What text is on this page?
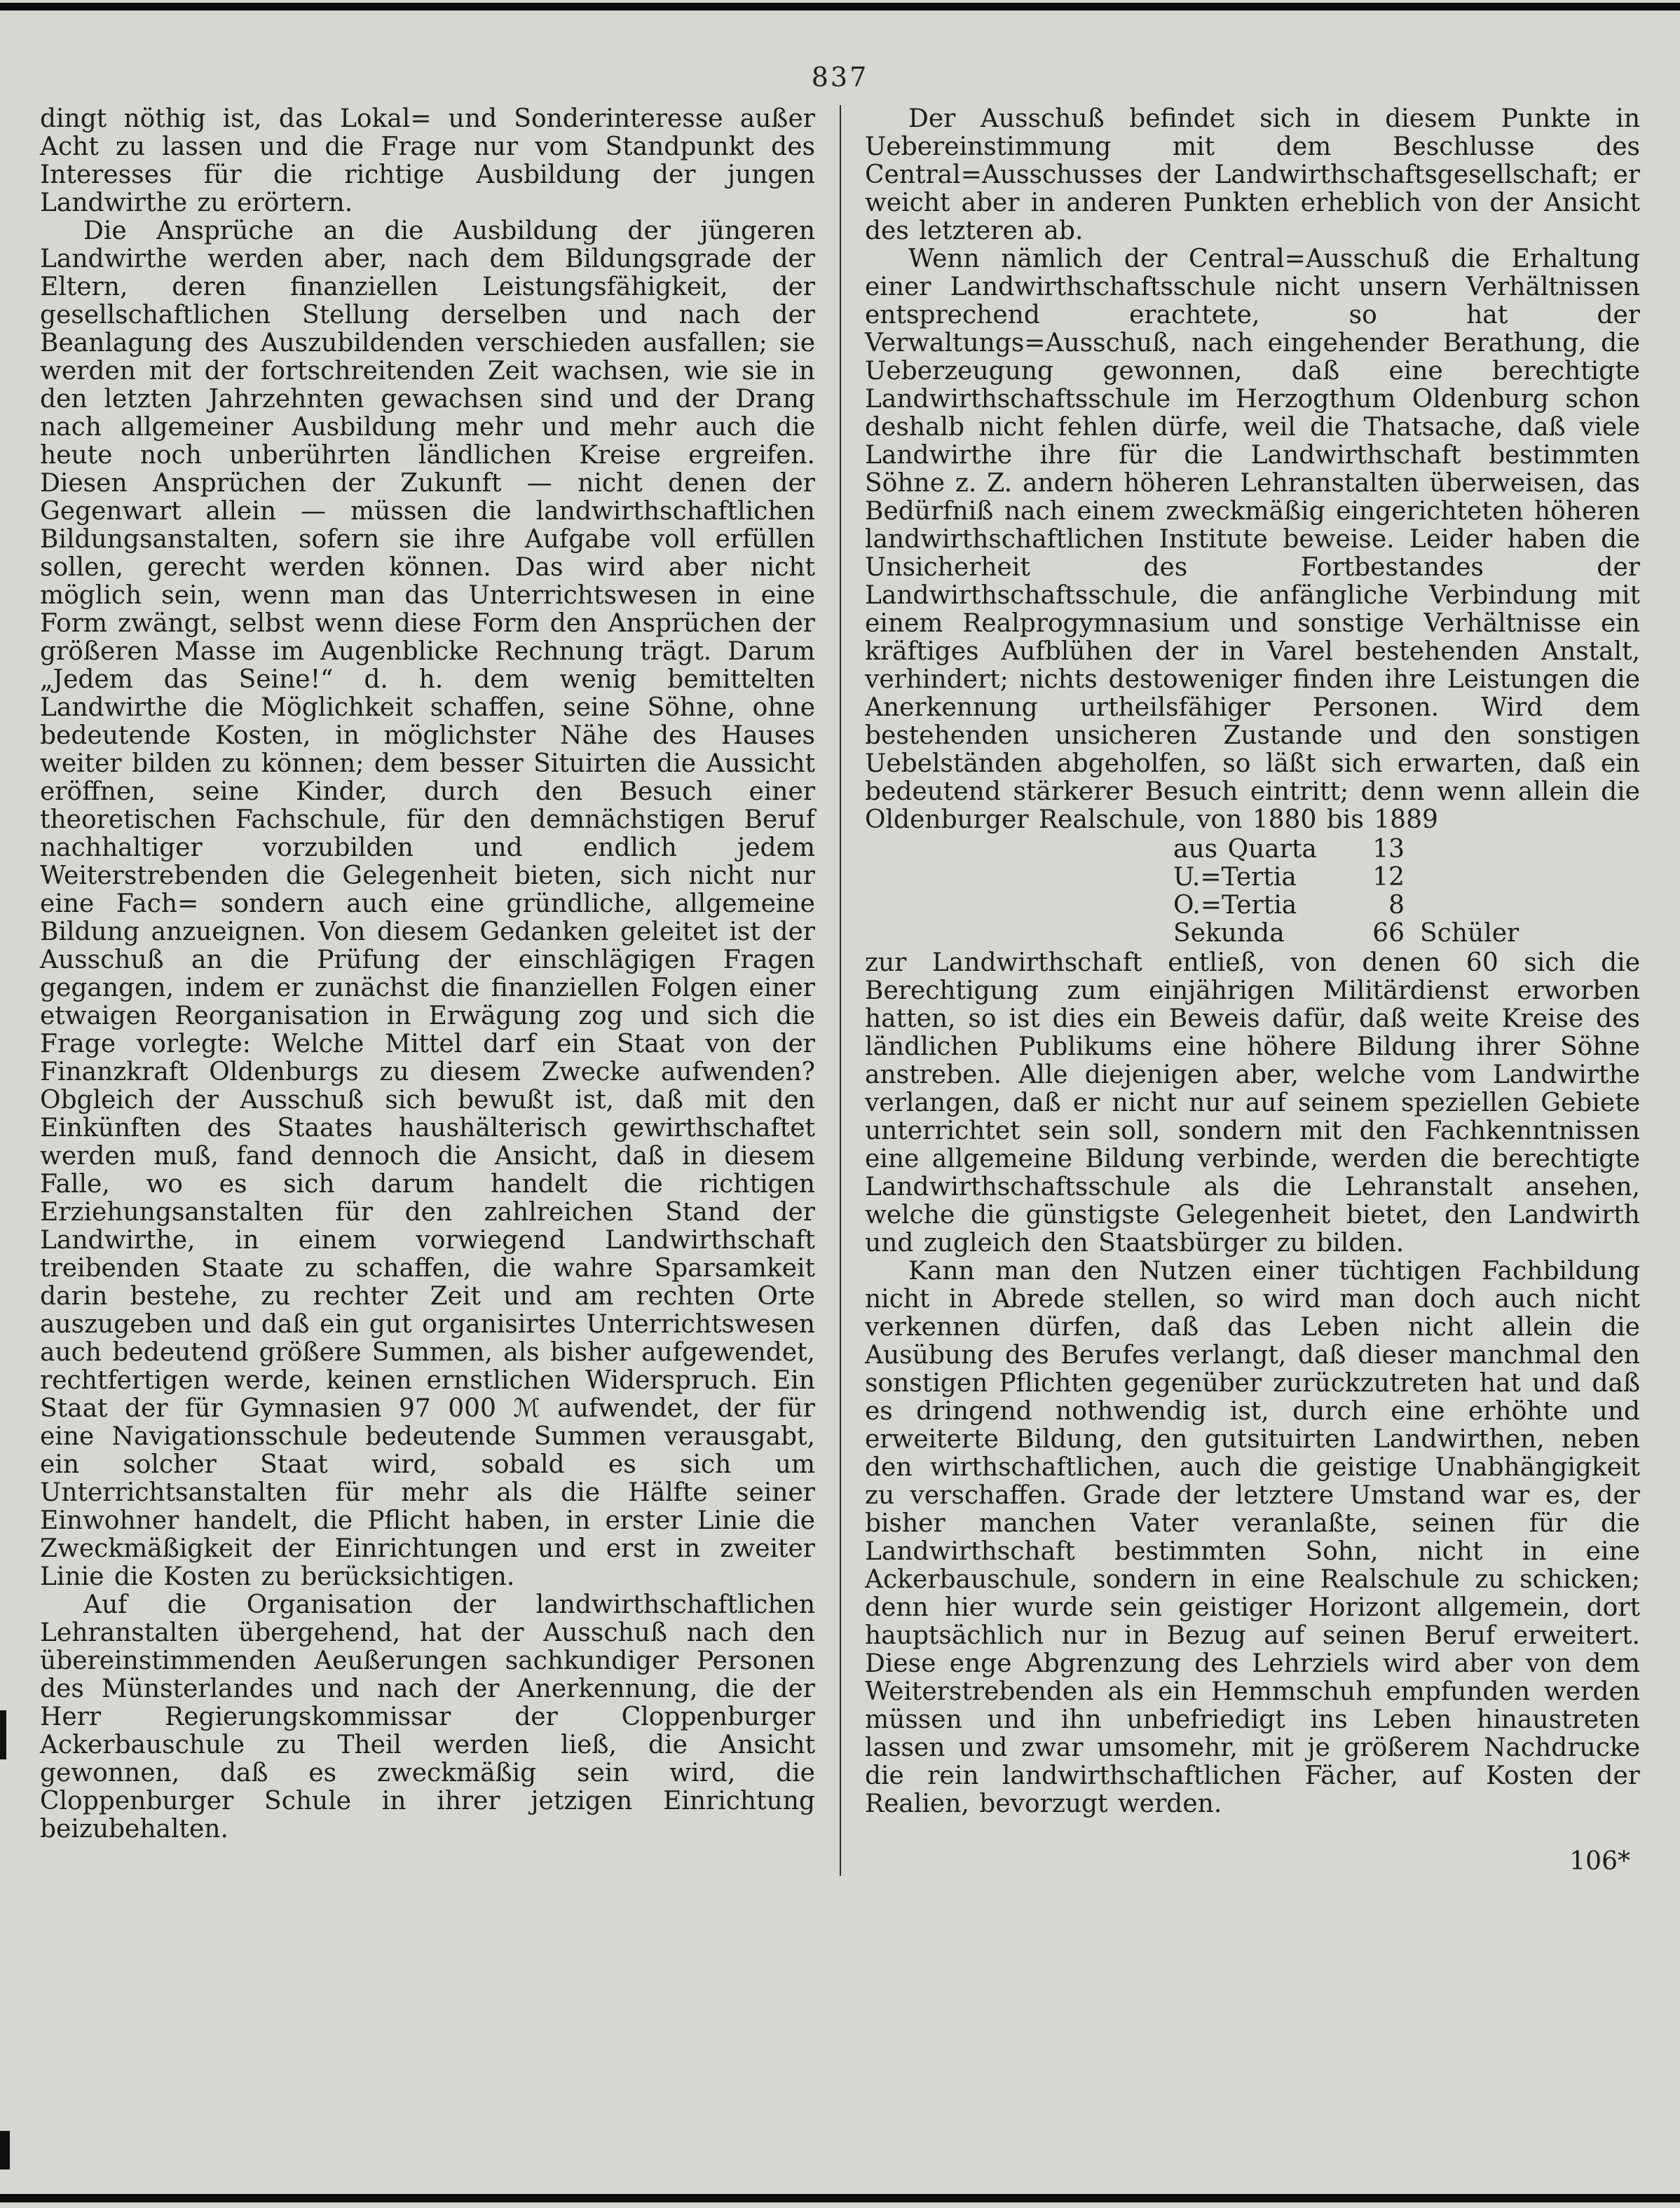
837

dingt nöthig ist, das Lokal= und Sonderinteresse außer Acht zu lassen und die Frage nur vom Standpunkt des Interesses für die richtige Ausbildung der jungen Landwirthe zu erörtern.

Die Ansprüche an die Ausbildung der jüngeren Landwirthe werden aber, nach dem Bildungsgrade der Eltern, deren finanziellen Leistungsfähigkeit, der gesellschaftlichen Stellung derselben und nach der Beanlagung des Auszubildenden verschieden ausfallen; sie werden mit der fortschreitenden Zeit wachsen, wie sie in den letzten Jahrzehnten gewachsen sind und der Drang nach allgemeiner Ausbildung mehr und mehr auch die heute noch unberührten ländlichen Kreise ergreifen. Diesen Ansprüchen der Zukunft — nicht denen der Gegenwart allein — müssen die landwirthschaftlichen Bildungsanstalten, sofern sie ihre Aufgabe voll erfüllen sollen, gerecht werden können. Das wird aber nicht möglich sein, wenn man das Unterrichtswesen in eine Form zwängt, selbst wenn diese Form den Ansprüchen der größeren Masse im Augenblicke Rechnung trägt. Darum „Jedem das Seine!“ d. h. dem wenig bemittelten Landwirthe die Möglichkeit schaffen, seine Söhne, ohne bedeutende Kosten, in möglichster Nähe des Hauses weiter bilden zu können; dem besser Situirten die Aussicht eröffnen, seine Kinder, durch den Besuch einer theoretischen Fachschule, für den demnächstigen Beruf nachhaltiger vorzubilden und endlich jedem Weiterstrebenden die Gelegenheit bieten, sich nicht nur eine Fach= sondern auch eine gründliche, allgemeine Bildung anzueignen. Von diesem Gedanken geleitet ist der Ausschuß an die Prüfung der einschlägigen Fragen gegangen, indem er zunächst die finanziellen Folgen einer etwaigen Reorganisation in Erwägung zog und sich die Frage vorlegte: Welche Mittel darf ein Staat von der Finanzkraft Oldenburgs zu diesem Zwecke aufwenden? Obgleich der Ausschuß sich bewußt ist, daß mit den Einkünften des Staates haushälterisch gewirthschaftet werden muß, fand dennoch die Ansicht, daß in diesem Falle, wo es sich darum handelt die richtigen Erziehungsanstalten für den zahlreichen Stand der Landwirthe, in einem vorwiegend Landwirthschaft treibenden Staate zu schaffen, die wahre Sparsamkeit darin bestehe, zu rechter Zeit und am rechten Orte auszugeben und daß ein gut organisirtes Unterrichtswesen auch bedeutend größere Summen, als bisher aufgewendet, rechtfertigen werde, keinen ernstlichen Widerspruch. Ein Staat der für Gymnasien 97 000 ℳ aufwendet, der für eine Navigationsschule bedeutende Summen verausgabt, ein solcher Staat wird, sobald es sich um Unterrichtsanstalten für mehr als die Hälfte seiner Einwohner handelt, die Pflicht haben, in erster Linie die Zweckmäßigkeit der Einrichtungen und erst in zweiter Linie die Kosten zu berücksichtigen.

Auf die Organisation der landwirthschaftlichen Lehranstalten übergehend, hat der Ausschuß nach den übereinstimmenden Aeußerungen sachkundiger Personen des Münsterlandes und nach der Anerkennung, die der Herr Regierungskommissar der Cloppenburger Ackerbauschule zu Theil werden ließ, die Ansicht gewonnen, daß es zweckmäßig sein wird, die Cloppenburger Schule in ihrer jetzigen Einrichtung beizubehalten.

Der Ausschuß befindet sich in diesem Punkte in Uebereinstimmung mit dem Beschlusse des Central=Ausschusses der Landwirthschaftsgesellschaft; er weicht aber in anderen Punkten erheblich von der Ansicht des letzteren ab.

Wenn nämlich der Central=Ausschuß die Erhaltung einer Landwirthschaftsschule nicht unsern Verhältnissen entsprechend erachtete, so hat der Verwaltungs=Ausschuß, nach eingehender Berathung, die Ueberzeugung gewonnen, daß eine berechtigte Landwirthschaftsschule im Herzogthum Oldenburg schon deshalb nicht fehlen dürfe, weil die Thatsache, daß viele Landwirthe ihre für die Landwirthschaft bestimmten Söhne z. Z. andern höheren Lehranstalten überweisen, das Bedürfniß nach einem zweckmäßig eingerichteten höheren landwirthschaftlichen Institute beweise. Leider haben die Unsicherheit des Fortbestandes der Landwirthschaftsschule, die anfängliche Verbindung mit einem Realprogymnasium und sonstige Verhältnisse ein kräftiges Aufblühen der in Varel bestehenden Anstalt, verhindert; nichts destoweniger finden ihre Leistungen die Anerkennung urtheilsfähiger Personen. Wird dem bestehenden unsicheren Zustande und den sonstigen Uebelständen abgeholfen, so läßt sich erwarten, daß ein bedeutend stärkerer Besuch eintritt; denn wenn allein die Oldenburger Realschule, von 1880 bis 1889

aus Quarta	13
U.=Tertia	12
O.=Tertia	8
Sekunda	66 Schüler

zur Landwirthschaft entließ, von denen 60 sich die Berechtigung zum einjährigen Militärdienst erworben hatten, so ist dies ein Beweis dafür, daß weite Kreise des ländlichen Publikums eine höhere Bildung ihrer Söhne anstreben. Alle diejenigen aber, welche vom Landwirthe verlangen, daß er nicht nur auf seinem speziellen Gebiete unterrichtet sein soll, sondern mit den Fachkenntnissen eine allgemeine Bildung verbinde, werden die berechtigte Landwirthschaftsschule als die Lehranstalt ansehen, welche die günstigste Gelegenheit bietet, den Landwirth und zugleich den Staatsbürger zu bilden.

Kann man den Nutzen einer tüchtigen Fachbildung nicht in Abrede stellen, so wird man doch auch nicht verkennen dürfen, daß das Leben nicht allein die Ausübung des Berufes verlangt, daß dieser manchmal den sonstigen Pflichten gegenüber zurückzutreten hat und daß es dringend nothwendig ist, durch eine erhöhte und erweiterte Bildung, den gutsituirten Landwirthen, neben den wirthschaftlichen, auch die geistige Unabhängigkeit zu verschaffen. Grade der letztere Umstand war es, der bisher manchen Vater veranlaßte, seinen für die Landwirthschaft bestimmten Sohn, nicht in eine Ackerbauschule, sondern in eine Realschule zu schicken; denn hier wurde sein geistiger Horizont allgemein, dort hauptsächlich nur in Bezug auf seinen Beruf erweitert. Diese enge Abgrenzung des Lehrziels wird aber von dem Weiterstrebenden als ein Hemmschuh empfunden werden müssen und ihn unbefriedigt ins Leben hinaustreten lassen und zwar umsomehr, mit je größerem Nachdrucke die rein landwirthschaftlichen Fächer, auf Kosten der Realien, bevorzugt werden.

106*
